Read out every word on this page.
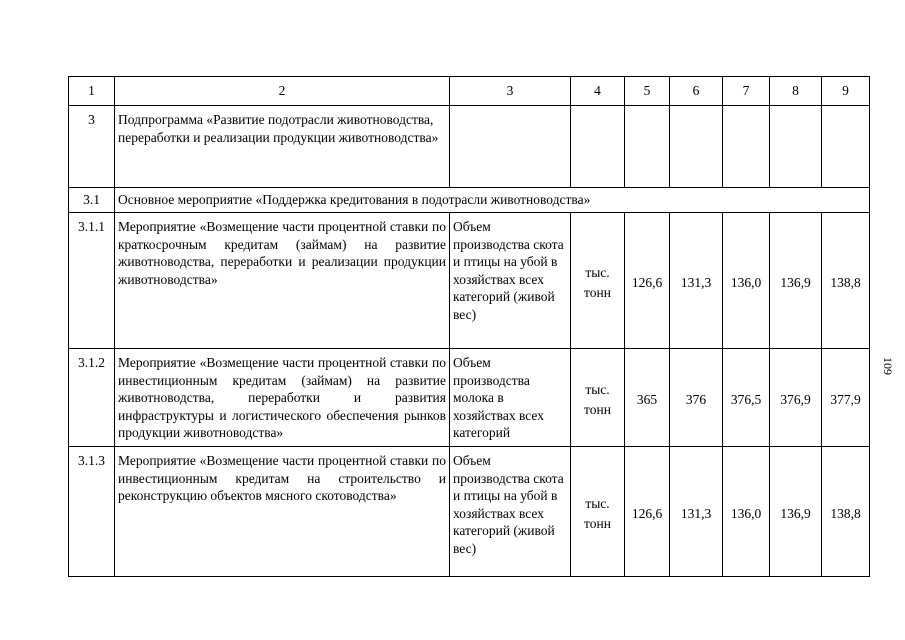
1	2	3	4	5	6	7	8	9
3	Подпрограмма «Развитие подотрасли животноводства, переработки и реализации продукции животноводства»							
3.1	Основное мероприятие «Поддержка кредитования в подотрасли животноводства»							
3.1.1	Мероприятие «Возмещение части процентной ставки по краткосрочным кредитам (займам) на развитие животноводства, переработки и реализации продукции животноводства»	Объем производства скота и птицы на убой в хозяйствах всех категорий (живой вес)	тыс. тонн	126,6	131,3	136,0	136,9	138,8
3.1.2	Мероприятие «Возмещение части процентной ставки по инвестиционным кредитам (займам) на развитие животноводства, переработки и развития инфраструктуры и логистического обеспечения рынков продукции животноводства»	Объем производства молока в хозяйствах всех категорий	тыс. тонн	365	376	376,5	376,9	377,9
3.1.3	Мероприятие «Возмещение части процентной ставки по инвестиционным кредитам на строительство и реконструкцию объектов мясного скотоводства»	Объем производства скота и птицы на убой в хозяйствах всех категорий (живой вес)	тыс. тонн	126,6	131,3	136,0	136,9	138,8
109
